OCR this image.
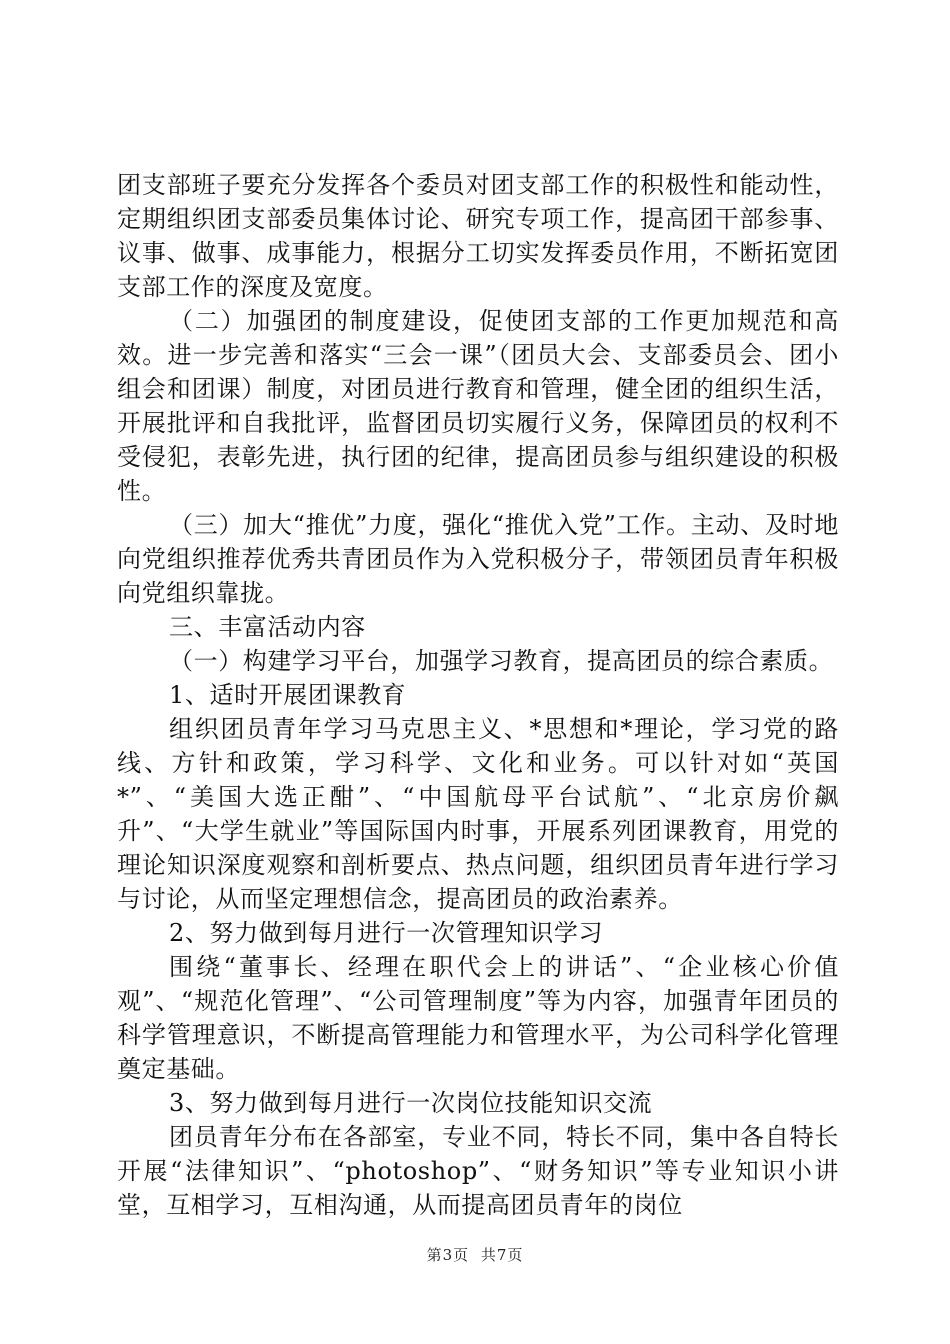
团支部班子要充分发挥各个委员对团支部工作的积极性和能动性，定期组织团支部委员集体讨论、研究专项工作，提高团干部参事、议事、做事、成事能力，根据分工切实发挥委员作用，不断拓宽团支部工作的深度及宽度。

（二）加强团的制度建设，促使团支部的工作更加规范和高效。进一步完善和落实“三会一课”（团员大会、支部委员会、团小组会和团课）制度，对团员进行教育和管理，健全团的组织生活，开展批评和自我批评，监督团员切实履行义务，保障团员的权利不受侵犯，表彰先进，执行团的纪律，提高团员参与组织建设的积极性。

（三）加大“推优”力度，强化“推优入党”工作。主动、及时地向党组织推荐优秀共青团员作为入党积极分子，带领团员青年积极向党组织靠拢。

三、丰富活动内容

（一）构建学习平台，加强学习教育，提高团员的综合素质。

1、适时开展团课教育

组织团员青年学习马克思主义、*思想和*理论，学习党的路线、方针和政策，学习科学、文化和业务。可以针对如“英国*”、“美国大选正酣”、“中国航母平台试航”、“北京房价飙升”、“大学生就业”等国际国内时事，开展系列团课教育，用党的理论知识深度观察和剖析要点、热点问题，组织团员青年进行学习与讨论，从而坚定理想信念，提高团员的政治素养。

2、努力做到每月进行一次管理知识学习

围绕“董事长、经理在职代会上的讲话”、“企业核心价值观”、“规范化管理”、“公司管理制度”等为内容，加强青年团员的科学管理意识，不断提高管理能力和管理水平，为公司科学化管理奠定基础。

3、努力做到每月进行一次岗位技能知识交流

团员青年分布在各部室，专业不同，特长不同，集中各自特长开展“法律知识”、“photoshop”、“财务知识”等专业知识小讲堂，互相学习，互相沟通，从而提高团员青年的岗位

第3页 共7页
